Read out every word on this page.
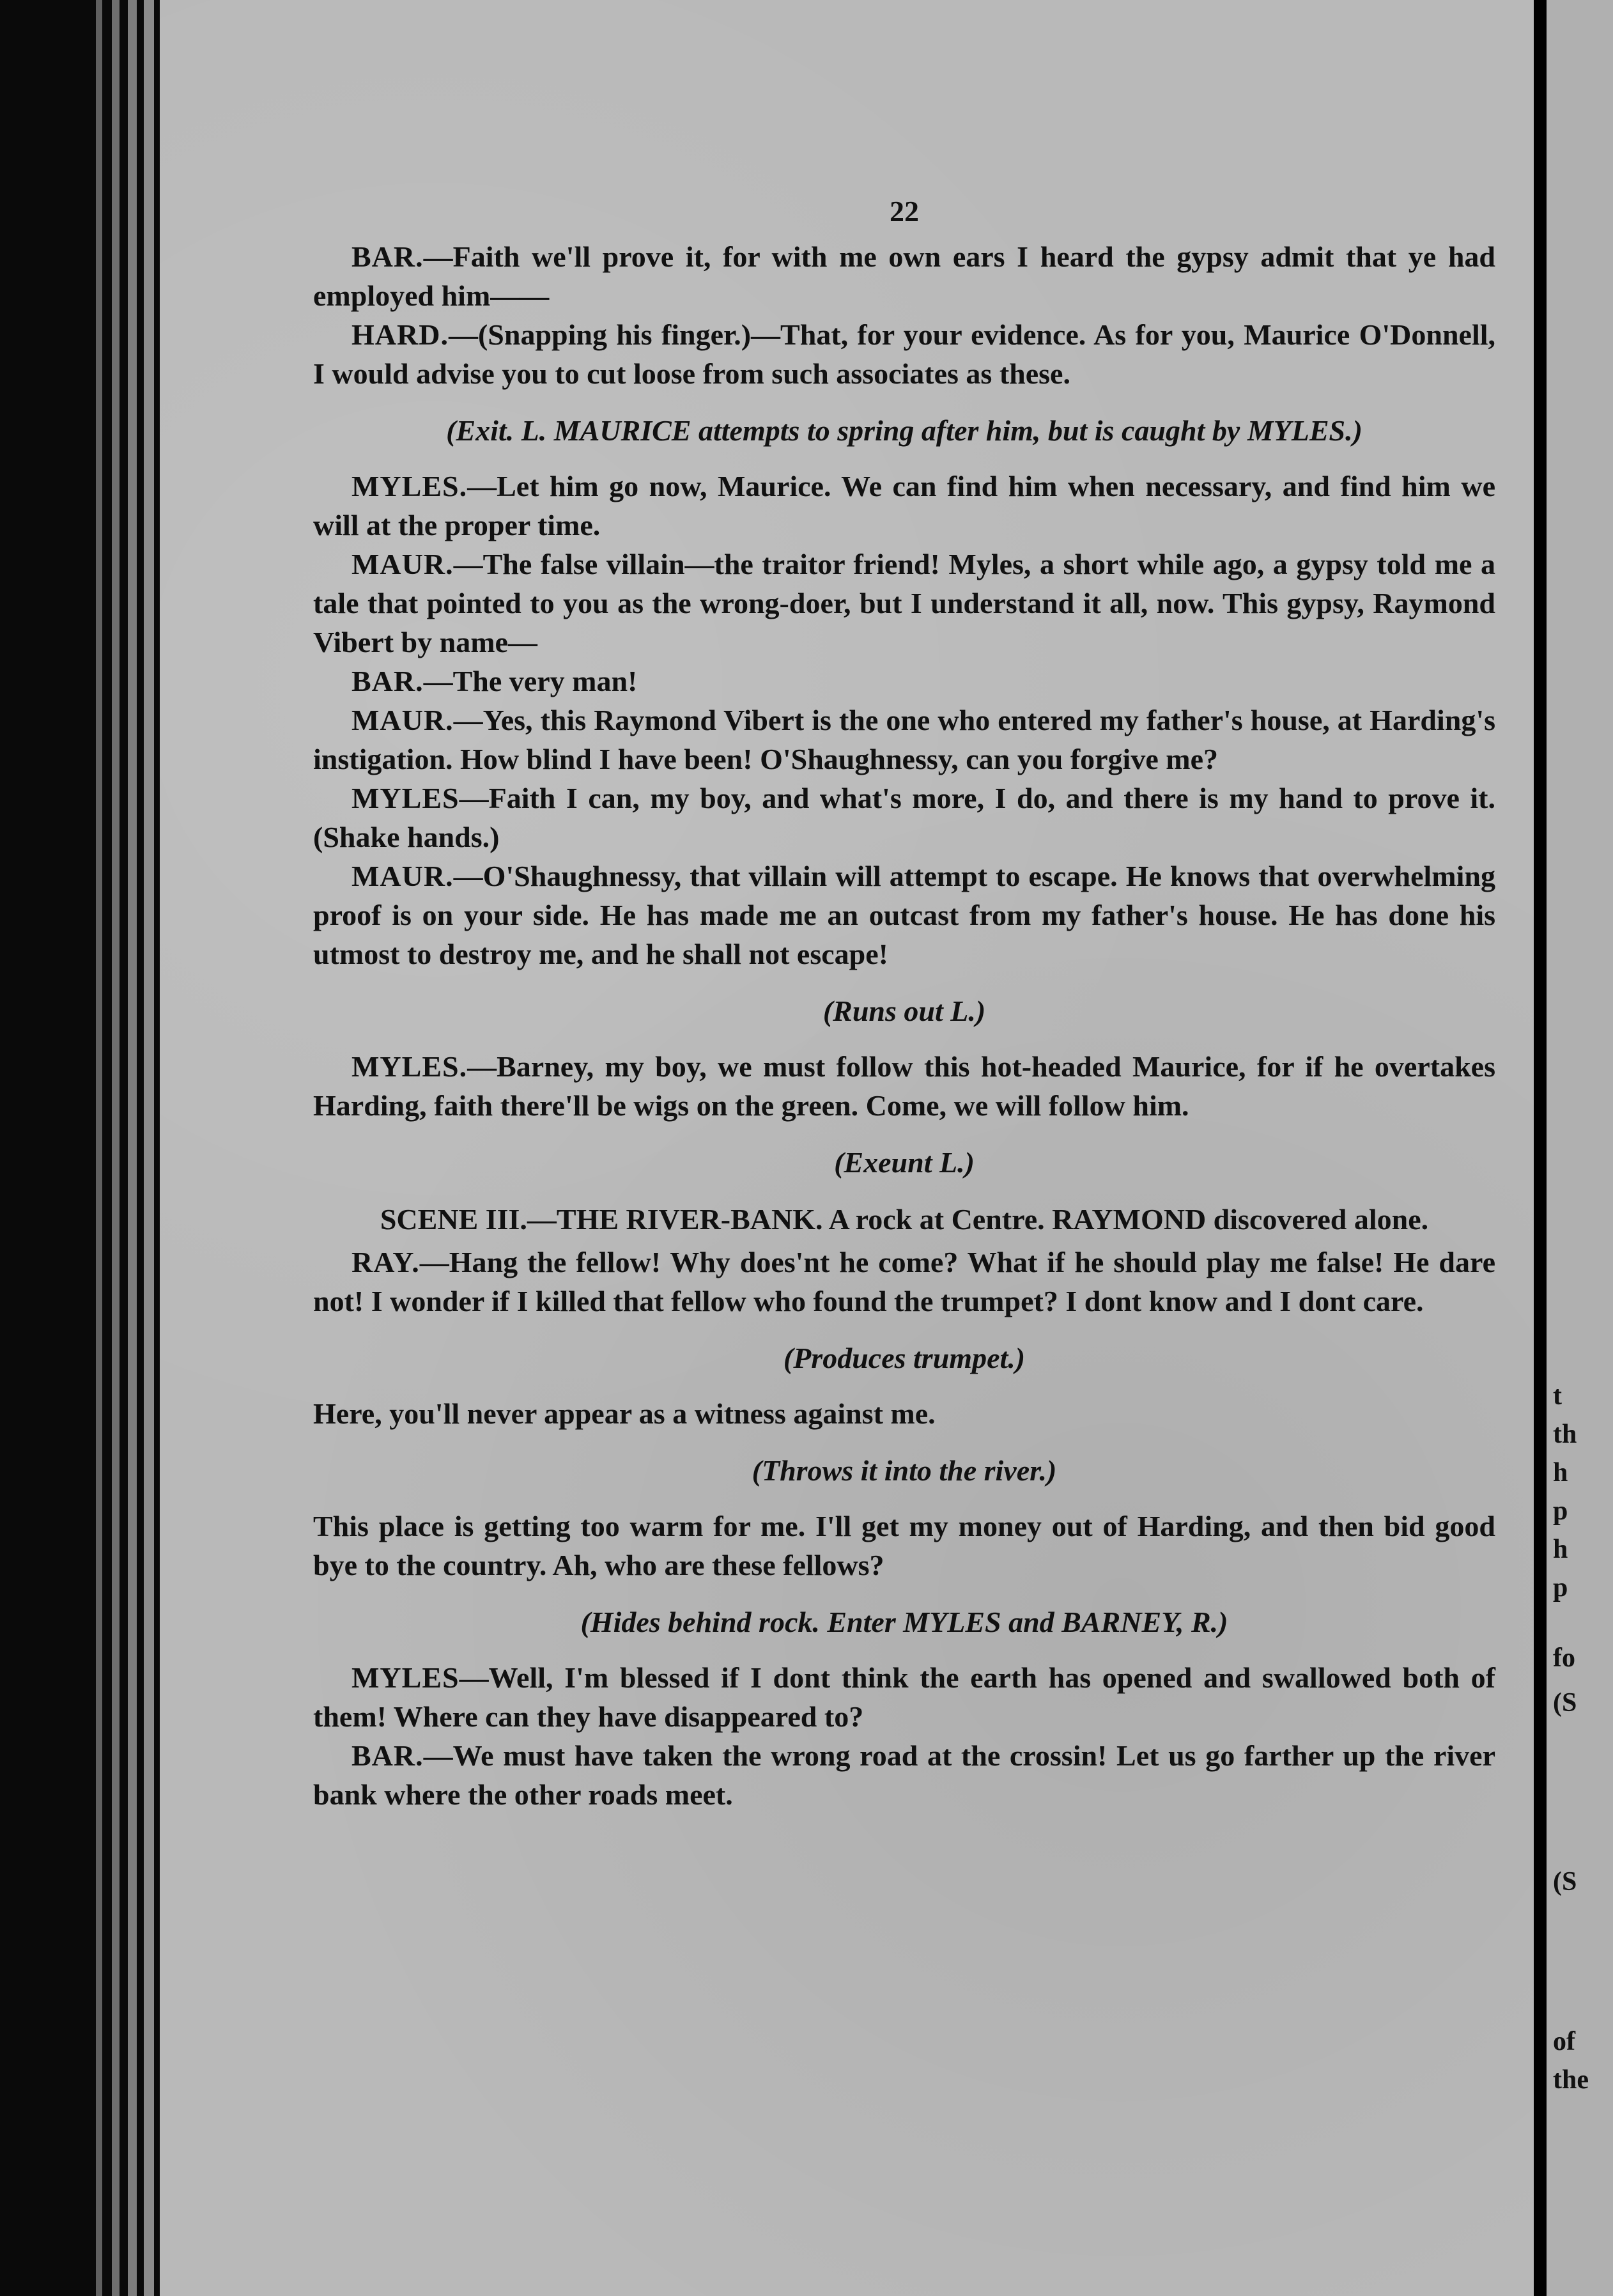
t
th
h
p
h
p
fo
(S
(S
of
the
22

BAR.—Faith we'll prove it, for with me own ears I heard the gypsy admit that ye had employed him——

HARD.—(Snapping his finger.)—That, for your evidence. As for you, Maurice O'Donnell, I would advise you to cut loose from such associates as these.

(Exit. L. MAURICE attempts to spring after him, but is caught by MYLES.)

MYLES.—Let him go now, Maurice. We can find him when necessary, and find him we will at the proper time.

MAUR.—The false villain—the traitor friend! Myles, a short while ago, a gypsy told me a tale that pointed to you as the wrong-doer, but I understand it all, now. This gypsy, Raymond Vibert by name—

BAR.—The very man!

MAUR.—Yes, this Raymond Vibert is the one who entered my father's house, at Harding's instigation. How blind I have been! O'Shaughnessy, can you forgive me?

MYLES—Faith I can, my boy, and what's more, I do, and there is my hand to prove it. (Shake hands.)

MAUR.—O'Shaughnessy, that villain will attempt to escape. He knows that overwhelming proof is on your side. He has made me an outcast from my father's house. He has done his utmost to destroy me, and he shall not escape!

(Runs out L.)

MYLES.—Barney, my boy, we must follow this hot-headed Maurice, for if he overtakes Harding, faith there'll be wigs on the green. Come, we will follow him.

(Exeunt L.)
SCENE III.—THE RIVER-BANK. A rock at Centre. RAYMOND discovered alone.

RAY.—Hang the fellow! Why does'nt he come? What if he should play me false! He dare not! I wonder if I killed that fellow who found the trumpet? I dont know and I dont care.

(Produces trumpet.)

Here, you'll never appear as a witness against me.

(Throws it into the river.)

This place is getting too warm for me. I'll get my money out of Harding, and then bid good bye to the country. Ah, who are these fellows?

(Hides behind rock. Enter MYLES and BARNEY, R.)

MYLES—Well, I'm blessed if I dont think the earth has opened and swallowed both of them! Where can they have disappeared to?

BAR.—We must have taken the wrong road at the crossin! Let us go farther up the river bank where the other roads meet.
